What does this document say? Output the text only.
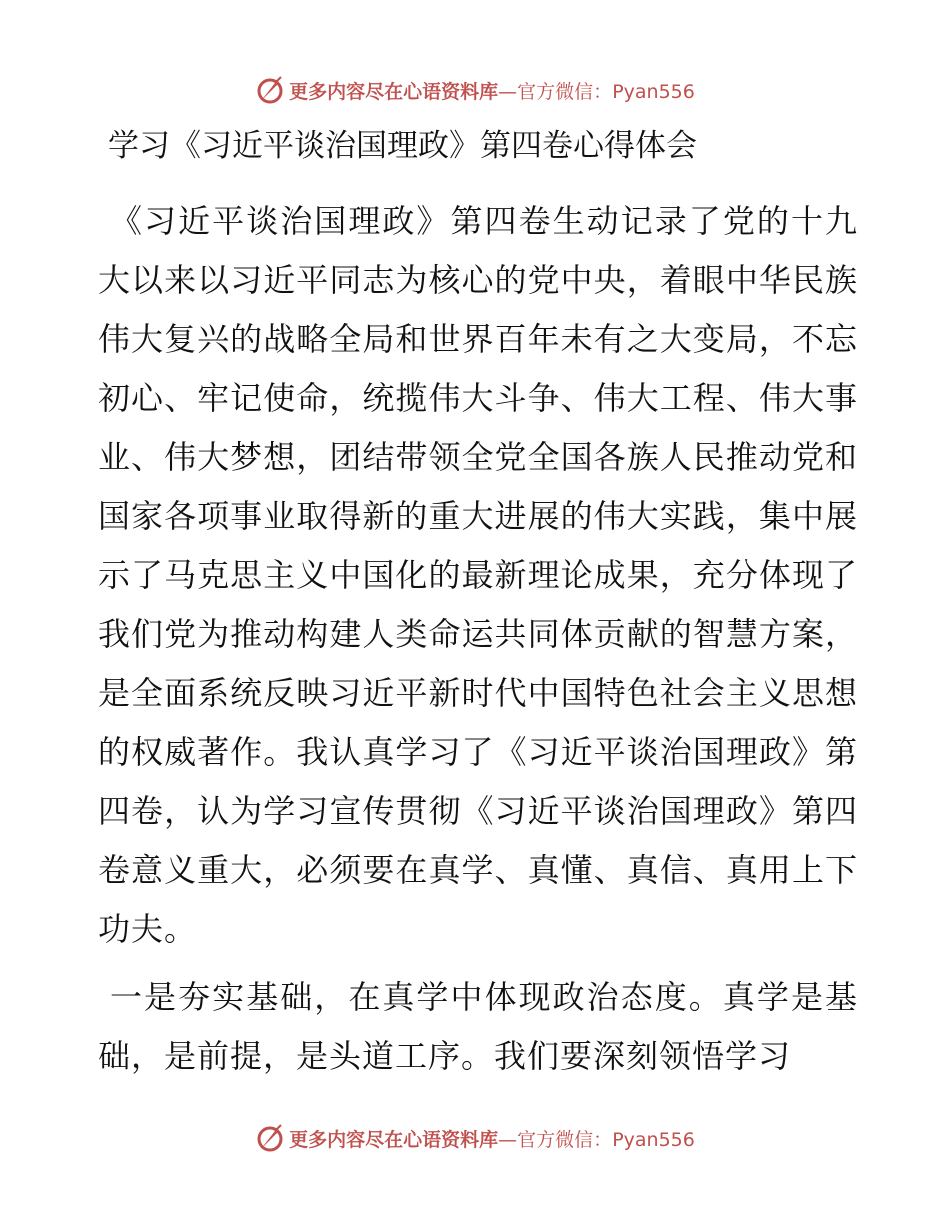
更多内容尽在心语资料库—官方微信：Pyan556
学习《习近平谈治国理政》第四卷心得体会

《习近平谈治国理政》第四卷生动记录了党的十九大以来以习近平同志为核心的党中央，着眼中华民族伟大复兴的战略全局和世界百年未有之大变局，不忘初心、牢记使命，统揽伟大斗争、伟大工程、伟大事业、伟大梦想，团结带领全党全国各族人民推动党和国家各项事业取得新的重大进展的伟大实践，集中展示了马克思主义中国化的最新理论成果，充分体现了我们党为推动构建人类命运共同体贡献的智慧方案，是全面系统反映习近平新时代中国特色社会主义思想的权威著作。我认真学习了《习近平谈治国理政》第四卷，认为学习宣传贯彻《习近平谈治国理政》第四卷意义重大，必须要在真学、真懂、真信、真用上下功夫。

一是夯实基础，在真学中体现政治态度。真学是基础，是前提，是头道工序。我们要深刻领悟学习

更多内容尽在心语资料库—官方微信：Pyan556
